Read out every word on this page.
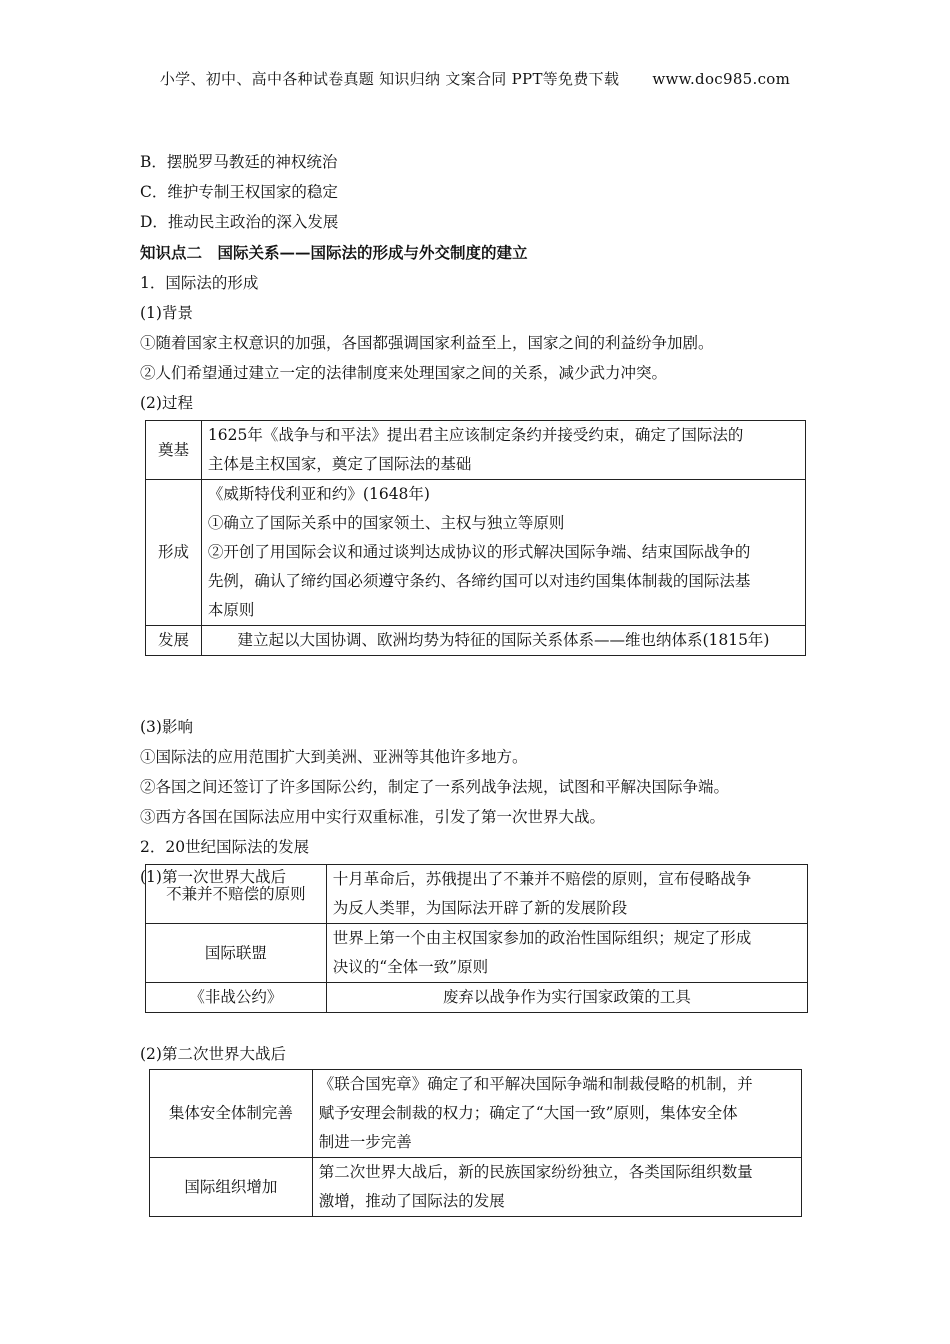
小学、初中、高中各种试卷真题 知识归纳 文案合同 PPT等免费下载 www.doc985.com
B．摆脱罗马教廷的神权统治
C．维护专制王权国家的稳定
D．推动民主政治的深入发展
知识点二　国际关系——国际法的形成与外交制度的建立
1．国际法的形成
(1)背景
①随着国家主权意识的加强，各国都强调国家利益至上，国家之间的利益纷争加剧。
②人们希望通过建立一定的法律制度来处理国家之间的关系，减少武力冲突。
(2)过程
奠基	1625年《战争与和平法》提出君主应该制定条约并接受约束，确定了国际法的
主体是主权国家，奠定了国际法的基础

形成	《威斯特伐利亚和约》(1648年)
①确立了国际关系中的国家领土、主权与独立等原则
②开创了用国际会议和通过谈判达成协议的形式解决国际争端、结束国际战争的
先例，确认了缔约国必须遵守条约、各缔约国可以对违约国集体制裁的国际法基
本原则

发展	建立起以大国协调、欧洲均势为特征的国际关系体系——维也纳体系(1815年)
(3)影响
①国际法的应用范围扩大到美洲、亚洲等其他许多地方。
②各国之间还签订了许多国际公约，制定了一系列战争法规，试图和平解决国际争端。
③西方各国在国际法应用中实行双重标准，引发了第一次世界大战。
2．20世纪国际法的发展
(1)第一次世界大战后
不兼并不赔偿的原则	十月革命后，苏俄提出了不兼并不赔偿的原则，宣布侵略战争
为反人类罪，为国际法开辟了新的发展阶段

国际联盟	世界上第一个由主权国家参加的政治性国际组织；规定了形成
决议的“全体一致”原则

《非战公约》	废弃以战争作为实行国家政策的工具
(2)第二次世界大战后
集体安全体制完善	《联合国宪章》确定了和平解决国际争端和制裁侵略的机制，并
赋予安理会制裁的权力；确定了“大国一致”原则，集体安全体
制进一步完善

国际组织增加	第二次世界大战后，新的民族国家纷纷独立，各类国际组织数量
激增，推动了国际法的发展
